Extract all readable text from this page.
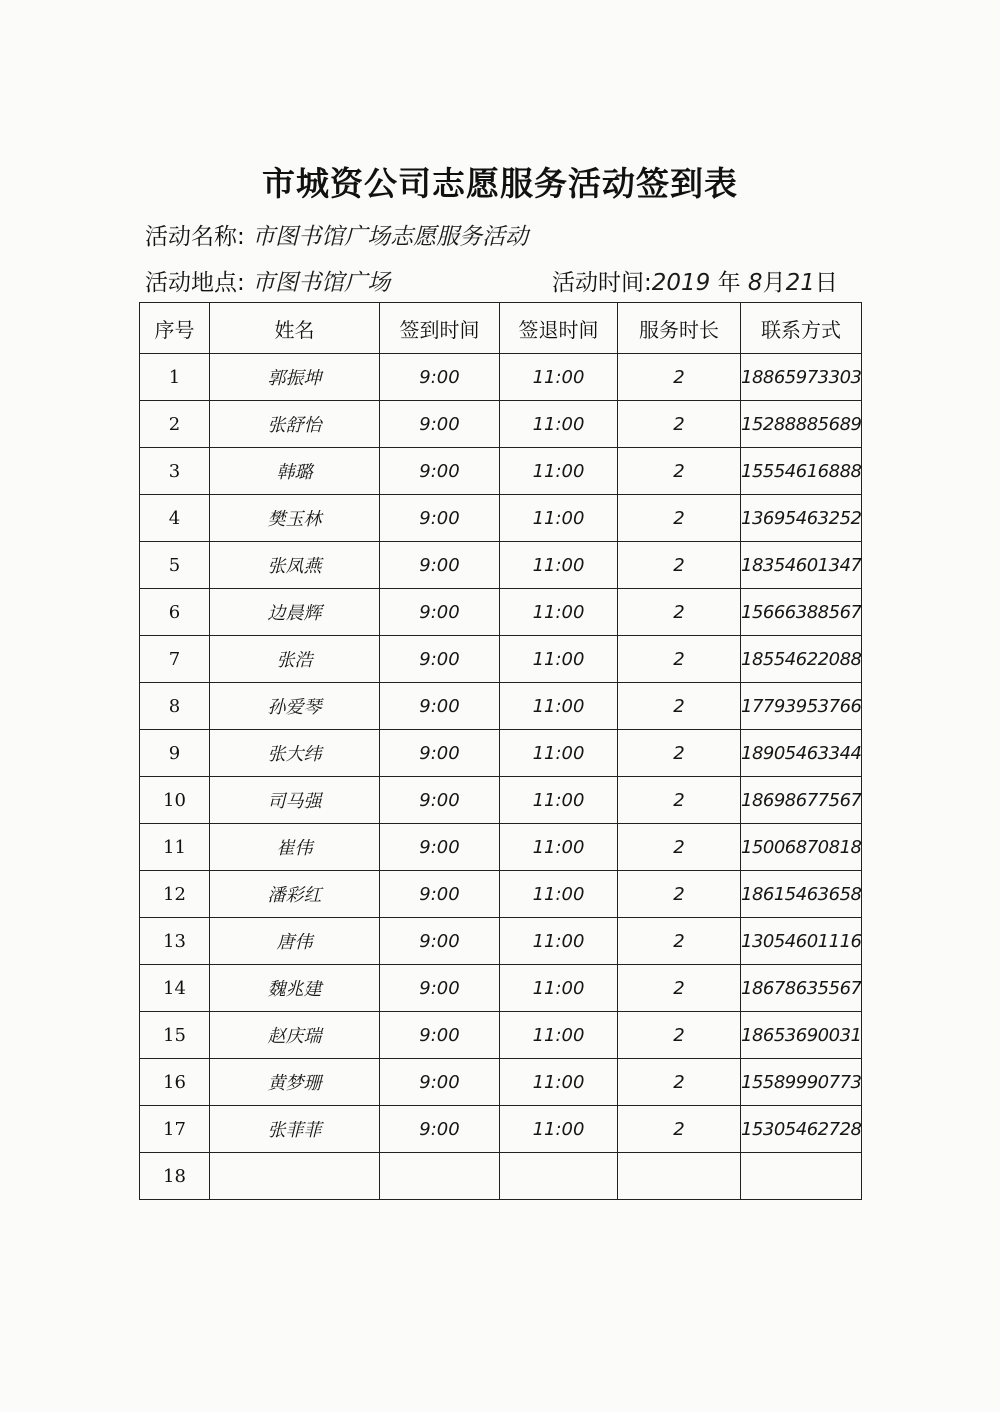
市城资公司志愿服务活动签到表
活动名称: 市图书馆广场志愿服务活动
活动地点: 市图书馆广场	活动时间:2019 年 8月21日
序号	姓名	签到时间	签退时间	服务时长	联系方式
1	郭振坤	9:00	11:00	2	18865973303
2	张舒怡	9:00	11:00	2	15288885689
3	韩璐	9:00	11:00	2	15554616888
4	樊玉林	9:00	11:00	2	13695463252
5	张凤燕	9:00	11:00	2	18354601347
6	边晨辉	9:00	11:00	2	15666388567
7	张浩	9:00	11:00	2	18554622088
8	孙爱琴	9:00	11:00	2	17793953766
9	张大纬	9:00	11:00	2	18905463344
10	司马强	9:00	11:00	2	18698677567
11	崔伟	9:00	11:00	2	15006870818
12	潘彩红	9:00	11:00	2	18615463658
13	唐伟	9:00	11:00	2	13054601116
14	魏兆建	9:00	11:00	2	18678635567
15	赵庆瑞	9:00	11:00	2	18653690031
16	黄梦珊	9:00	11:00	2	15589990773
17	张菲菲	9:00	11:00	2	15305462728
18					
